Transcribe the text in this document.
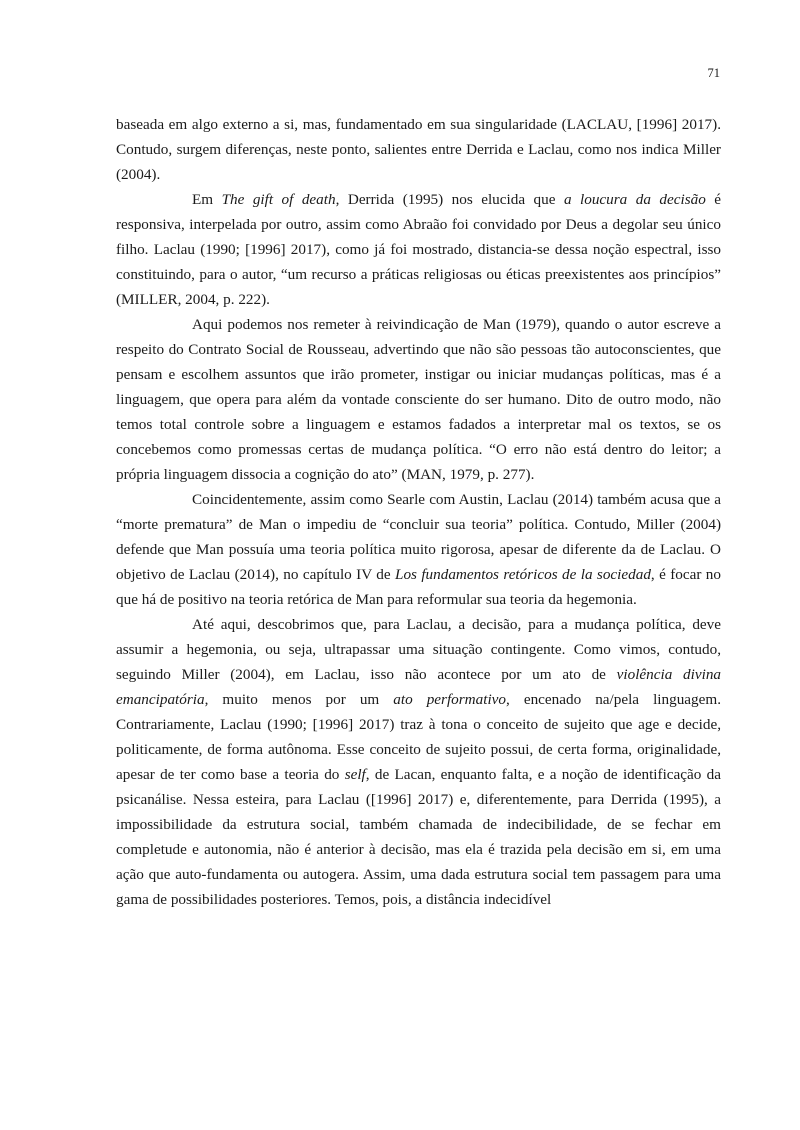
71

baseada em algo externo a si, mas, fundamentado em sua singularidade (LACLAU, [1996] 2017). Contudo, surgem diferenças, neste ponto, salientes entre Derrida e Laclau, como nos indica Miller (2004).

Em The gift of death, Derrida (1995) nos elucida que a loucura da decisão é responsiva, interpelada por outro, assim como Abraão foi convidado por Deus a degolar seu único filho. Laclau (1990; [1996] 2017), como já foi mostrado, distancia-se dessa noção espectral, isso constituindo, para o autor, “um recurso a práticas religiosas ou éticas preexistentes aos princípios” (MILLER, 2004, p. 222).

Aqui podemos nos remeter à reivindicação de Man (1979), quando o autor escreve a respeito do Contrato Social de Rousseau, advertindo que não são pessoas tão autoconscientes, que pensam e escolhem assuntos que irão prometer, instigar ou iniciar mudanças políticas, mas é a linguagem, que opera para além da vontade consciente do ser humano. Dito de outro modo, não temos total controle sobre a linguagem e estamos fadados a interpretar mal os textos, se os concebemos como promessas certas de mudança política. “O erro não está dentro do leitor; a própria linguagem dissocia a cognição do ato” (MAN, 1979, p. 277).

Coincidentemente, assim como Searle com Austin, Laclau (2014) também acusa que a “morte prematura” de Man o impediu de “concluir sua teoria” política. Contudo, Miller (2004) defende que Man possuía uma teoria política muito rigorosa, apesar de diferente da de Laclau. O objetivo de Laclau (2014), no capítulo IV de Los fundamentos retóricos de la sociedad, é focar no que há de positivo na teoria retórica de Man para reformular sua teoria da hegemonia.

Até aqui, descobrimos que, para Laclau, a decisão, para a mudança política, deve assumir a hegemonia, ou seja, ultrapassar uma situação contingente. Como vimos, contudo, seguindo Miller (2004), em Laclau, isso não acontece por um ato de violência divina emancipatória, muito menos por um ato performativo, encenado na/pela linguagem. Contrariamente, Laclau (1990; [1996] 2017) traz à tona o conceito de sujeito que age e decide, politicamente, de forma autônoma. Esse conceito de sujeito possui, de certa forma, originalidade, apesar de ter como base a teoria do self, de Lacan, enquanto falta, e a noção de identificação da psicanálise. Nessa esteira, para Laclau ([1996] 2017) e, diferentemente, para Derrida (1995), a impossibilidade da estrutura social, também chamada de indecibilidade, de se fechar em completude e autonomia, não é anterior à decisão, mas ela é trazida pela decisão em si, em uma ação que auto-fundamenta ou autogera. Assim, uma dada estrutura social tem passagem para uma gama de possibilidades posteriores. Temos, pois, a distância indecidível
